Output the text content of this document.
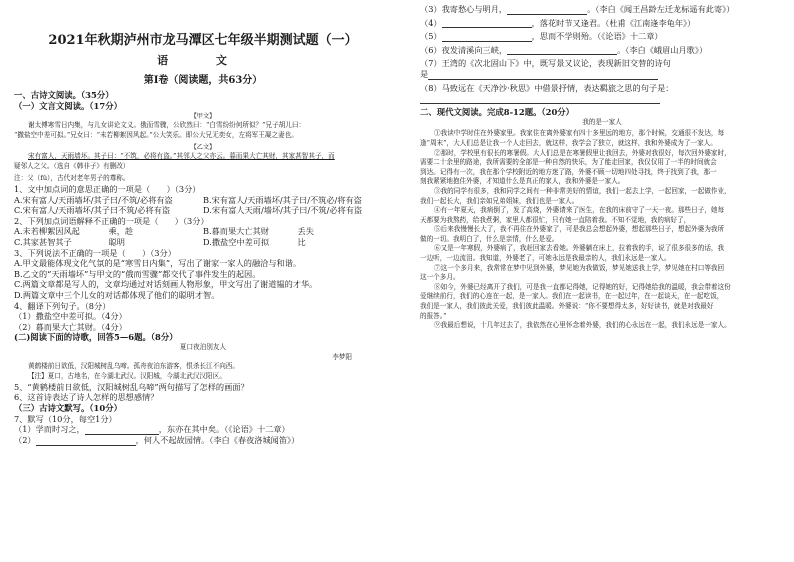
2021年秋期泸州市龙马潭区七年级半期测试题（一）
语 文
第Ⅰ卷（阅读题，共63分）
一、古诗文阅读。（35分）
（一）文言文阅读。（17分）
【甲文】
谢太傅寒雪日内集，与儿女讲论文义。俄而雪骤，公欣然曰：“白雪纷纷何所似？”兄子胡儿曰：
“撒盐空中差可拟。”兄女曰：“未若柳絮因风起。”公大笑乐。即公大兄无奕女，左将军王凝之妻也。
【乙文】
宋有富人，天雨墙坏。其子曰：“不筑，必将有盗。”其邻人之父亦云。暮而果大亡其财，其家甚智其子，而
疑邻人之父。（选自《韩非子》有删改）
注：父（fǔ），古代对老年男子的尊称。
1、文中加点词的意思正确的一项是（　　）（3分）
A.宋有富人/天雨墙坏/其子曰/不筑/必将有盗	B.宋有富人/天雨墙坏/其子曰/不筑必/将有盗
C.宋有富人/天雨墙坏/其子曰不筑/必将有盗	D.宋有富人天雨/墙坏/其子曰/不筑/必将有盗
2、下列加点词语解释不正确的一项是（　　）（3分）
A.未若柳絮因风起	乘，趁	B.暮而果大亡其财	丢失
C.其家甚智其子	聪明	D.撒盐空中差可拟	比
3、下列说法不正确的一项是（　　）（3分）
A.甲文最能体现文化气氛的是“寒雪日内集”，写出了谢家一家人的融洽与和谐。
B.乙文的“天雨墙坏”与甲文的“俄而雪骤”都交代了事件发生的起因。
C.两篇文章都是写人的，文章均通过对话刻画人物形象，甲文写出了谢道韫的才华。
D.两篇文章中三个儿女的对话都体现了他们的聪明才智。
4、翻译下列句子。（8分）
（1）撒盐空中差可拟。（4分）
（2）暮而果大亡其财。（4分）
(二)阅读下面的诗歌，回答5—6题。（8分）
夏口夜泊别友人
李梦阳
黄鹤楼前日欲低，汉阳城树乱乌啼。孤舟夜泊东游客，恨杀长江不向西。
【注】夏口，古地名，在今湖北武汉。汉阳城，今湖北武汉汉阳区。
5、“黄鹤楼前日欲低，汉阳城树乱乌啼”两句描写了怎样的画面？
6、这首诗表达了诗人怎样的思想感情？
（三）古诗文默写。（10分）
7、默写（10分，每空1分）
（1）学而时习之，	，东亦在其中矣。（《论语》十二章）
（2）	，何人不起故园情。（李白《春夜洛城闻笛》）
（3）我寄愁心与明月，	。（李白《闻王昌龄左迁龙标遥有此寄》）
（4）	，落花时节又逢君。（杜甫《江南逢李龟年》）
（5）	，思而不学则殆。（《论语》十二章）
（6）夜发清溪向三峡，	。（李白《峨眉山月歌》）
（7）王湾的《次北固山下》中，既写景又议论，表现新旧交替的诗句
是
（8）马致远在《天净沙·秋思》中借景抒情，表达羁旅之思的句子是：
二、现代文阅读。完成8-12题。（20分）
我的是一家人
①我读中学时住在外婆家里。我家住在离外婆家有四十多里远的地方，那个时候，交通很不发达，每
逢“周末”，大人们总是让我一个人走回去，就这样，我学会了独立，就这样，我和外婆成为了一家人。
②那时，学校里有很长的寒暑假。大人们总是在寒暑假里让我回去，外婆对我很好，每次回外婆家时，
需要二十余里的路途，我所需要的全部是一种自然的快乐，为了能走回家，我仅仅用了一半的时间就会
到达。记得有一次，我在那个学校附近的地方迷了路，外婆不顾一切地四处寻找，终于找到了我，那一
刻我紧紧地抱住外婆，才知道什么是真正的家人，我和外婆是一家人。
③我的同学有很多，我和同学之间有一种非常美好的情谊，我们一起去上学，一起回家，一起做作业，
我们一起长大，我们亲如兄弟姐妹，我们也是一家人。
④有一年夏天，我病倒了，发了高烧，外婆请来了医生，在我的床前守了一天一夜。那些日子，她每
天都要为我熬药，给我煮粥，家里人都很忙，只有她一直陪着我。不知不觉地，我的病好了，
⑤后来我慢慢长大了，我不再住在外婆家了，可是我总会想起外婆，想起那些日子，想起外婆为我所
做的一切。我明白了，什么是亲情，什么是爱。
⑥又是一年寒假，外婆病了，我赶回家去看她。外婆躺在床上，拉着我的手，说了很多很多的话，我
一边听，一边流泪。我知道，外婆老了，可她永远是我最亲的人，我们永远是一家人。
⑦这一个多月来，我常常在梦中见到外婆，梦见她为我做饭，梦见她送我上学，梦见她在村口等我回
这一个多月。
⑧如今，外婆已经离开了我们，可是我一直都记得她，记得她的好，记得她给我的温暖，我会带着这份
爱继续前行，我们的心连在一起，是一家人。我们在一起读书，在一起过年，在一起谈天，在一起吃饭，
我们是一家人，我们彼此关爱，我们彼此温暖。外婆说：“你不要想得太多，好好读书，就是对我最好
的报答。”
⑨我最后想说，十几年过去了，我依然在心里怀念着外婆，我们的心永远在一起，我们永远是一家人。
